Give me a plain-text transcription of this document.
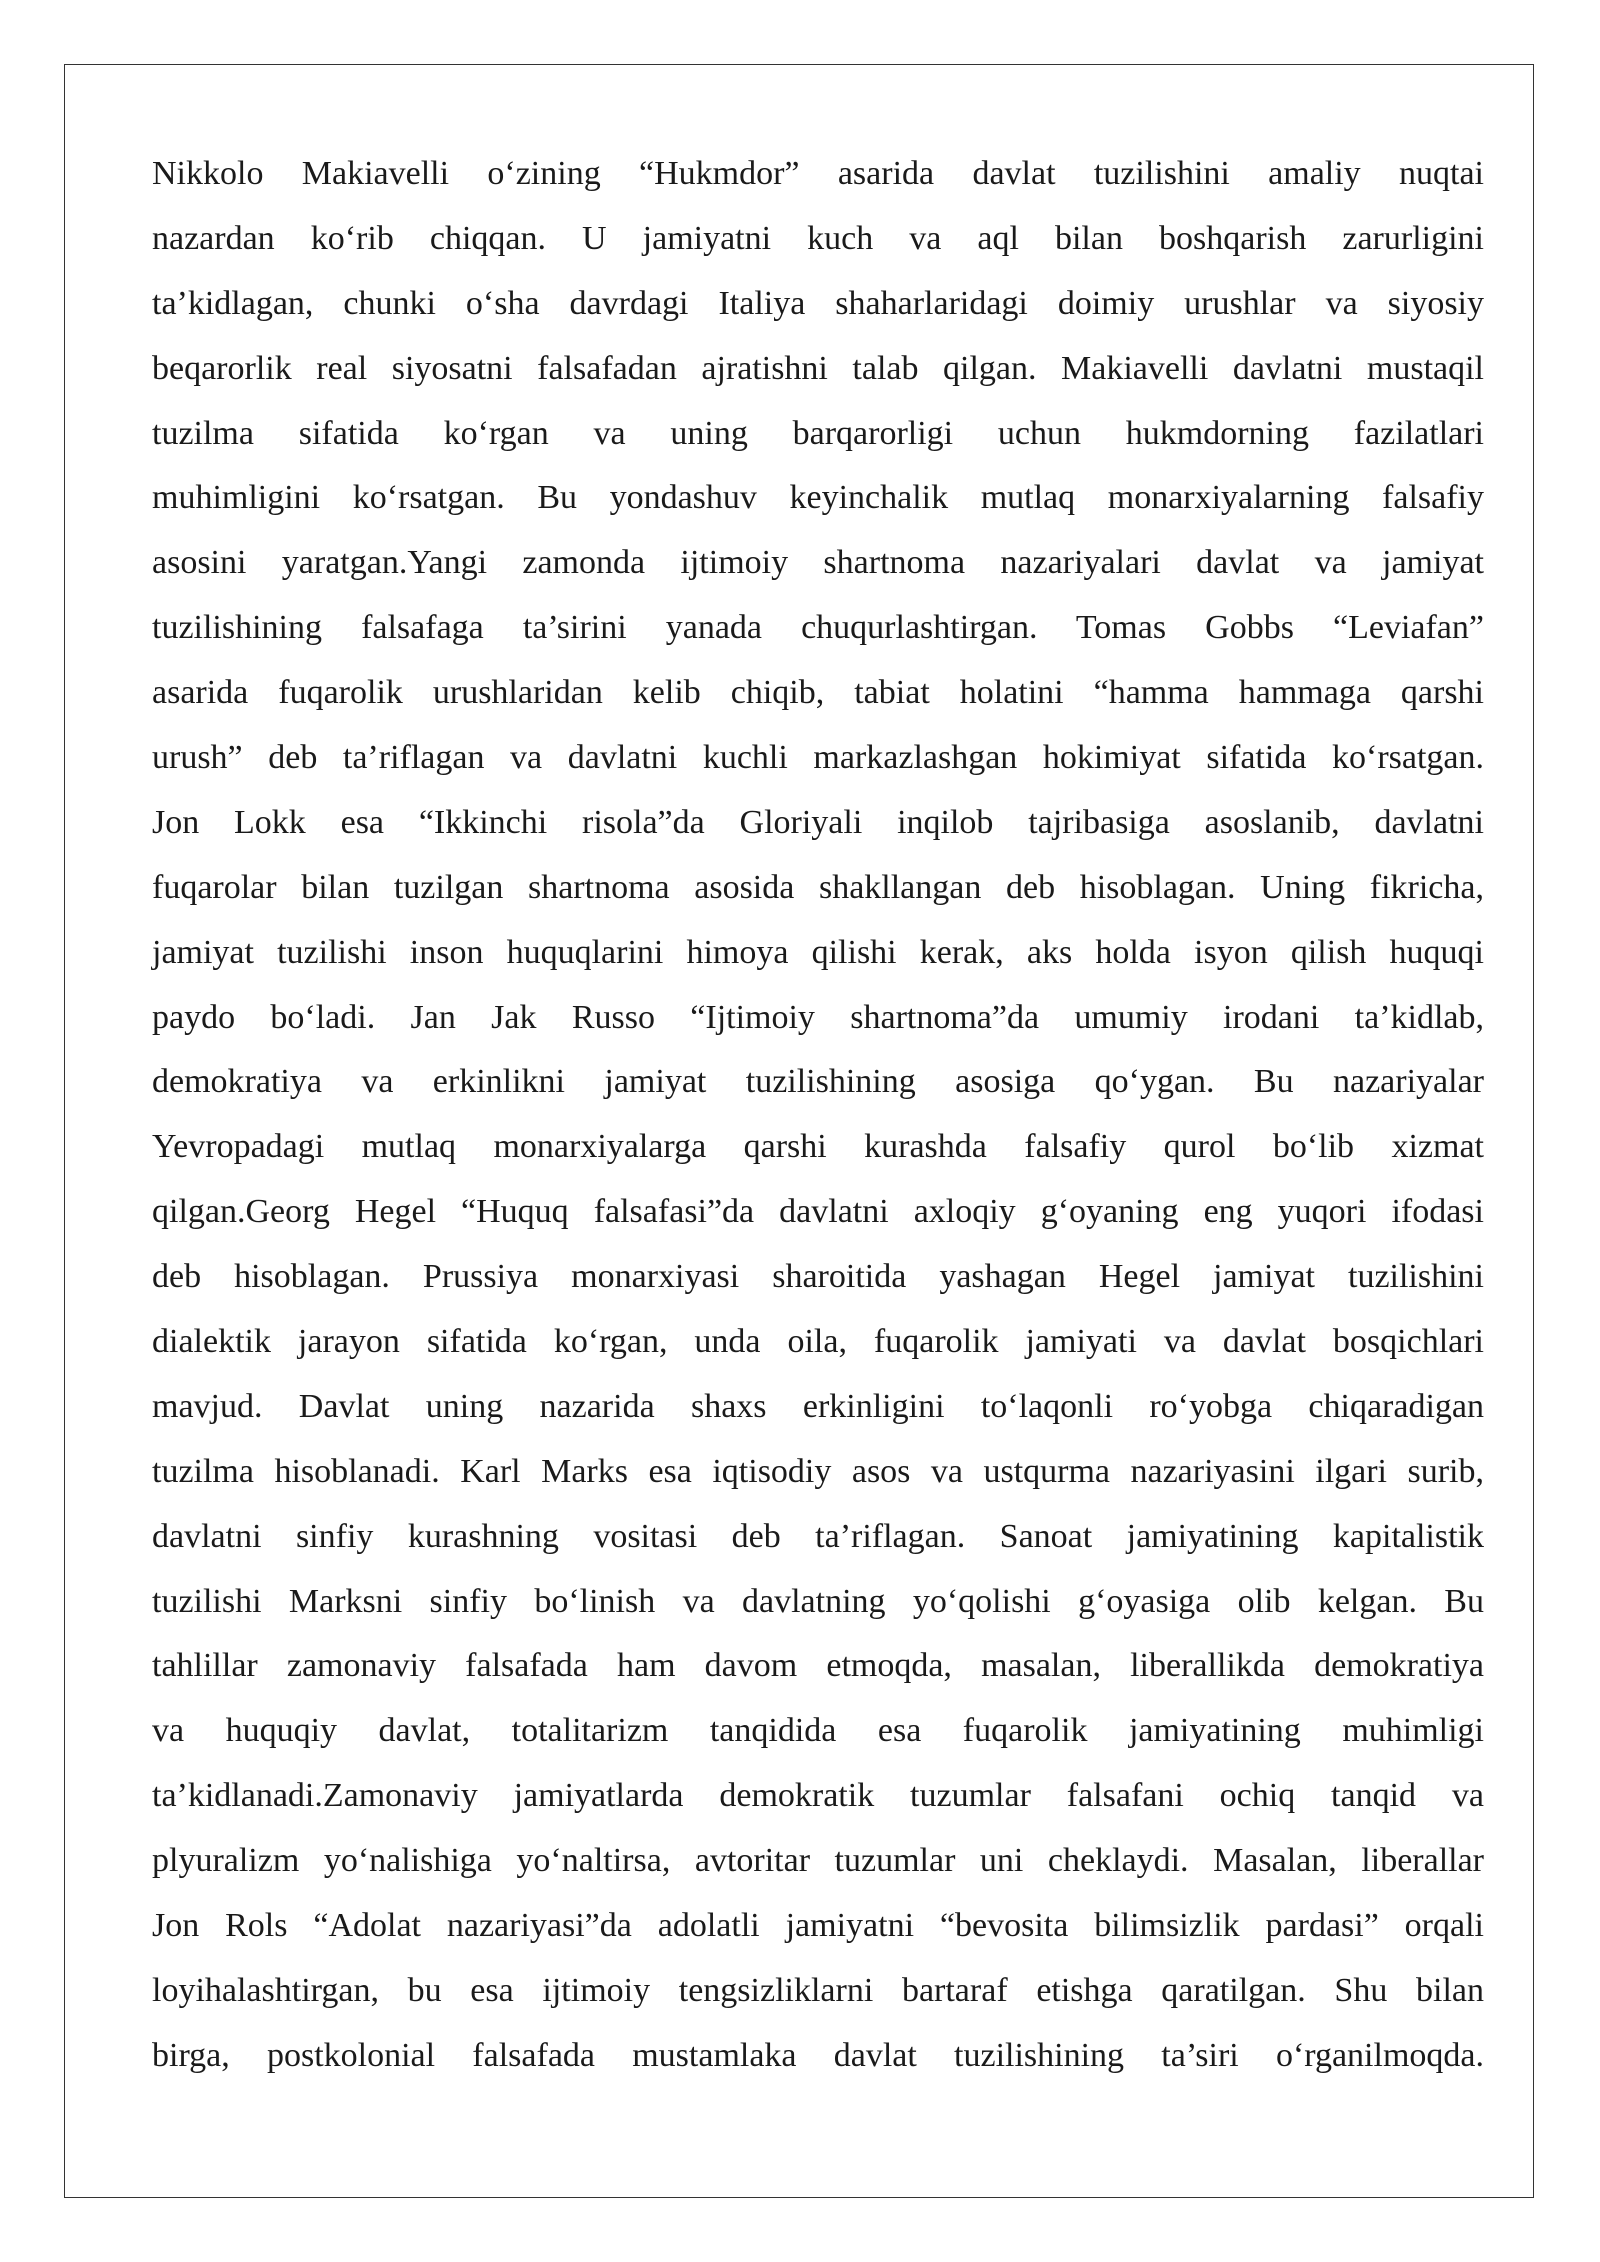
Nikkolo Makiavelli o‘zining “Hukmdor” asarida davlat tuzilishini amaliy nuqtai
nazardan ko‘rib chiqqan. U jamiyatni kuch va aql bilan boshqarish zarurligini
ta’kidlagan, chunki o‘sha davrdagi Italiya shaharlaridagi doimiy urushlar va siyosiy
beqarorlik real siyosatni falsafadan ajratishni talab qilgan. Makiavelli davlatni mustaqil
tuzilma sifatida ko‘rgan va uning barqarorligi uchun hukmdorning fazilatlari
muhimligini ko‘rsatgan. Bu yondashuv keyinchalik mutlaq monarxiyalarning falsafiy
asosini yaratgan.Yangi zamonda ijtimoiy shartnoma nazariyalari davlat va jamiyat
tuzilishining falsafaga ta’sirini yanada chuqurlashtirgan. Tomas Gobbs “Leviafan”
asarida fuqarolik urushlaridan kelib chiqib, tabiat holatini “hamma hammaga qarshi
urush” deb ta’riflagan va davlatni kuchli markazlashgan hokimiyat sifatida ko‘rsatgan.
Jon Lokk esa “Ikkinchi risola”da Gloriyali inqilob tajribasiga asoslanib, davlatni
fuqarolar bilan tuzilgan shartnoma asosida shakllangan deb hisoblagan. Uning fikricha,
jamiyat tuzilishi inson huquqlarini himoya qilishi kerak, aks holda isyon qilish huquqi
paydo bo‘ladi. Jan Jak Russo “Ijtimoiy shartnoma”da umumiy irodani ta’kidlab,
demokratiya va erkinlikni jamiyat tuzilishining asosiga qo‘ygan. Bu nazariyalar
Yevropadagi mutlaq monarxiyalarga qarshi kurashda falsafiy qurol bo‘lib xizmat
qilgan.Georg Hegel “Huquq falsafasi”da davlatni axloqiy g‘oyaning eng yuqori ifodasi
deb hisoblagan. Prussiya monarxiyasi sharoitida yashagan Hegel jamiyat tuzilishini
dialektik jarayon sifatida ko‘rgan, unda oila, fuqarolik jamiyati va davlat bosqichlari
mavjud. Davlat uning nazarida shaxs erkinligini to‘laqonli ro‘yobga chiqaradigan
tuzilma hisoblanadi. Karl Marks esa iqtisodiy asos va ustqurma nazariyasini ilgari surib,
davlatni sinfiy kurashning vositasi deb ta’riflagan. Sanoat jamiyatining kapitalistik
tuzilishi Marksni sinfiy bo‘linish va davlatning yo‘qolishi g‘oyasiga olib kelgan. Bu
tahlillar zamonaviy falsafada ham davom etmoqda, masalan, liberallikda demokratiya
va huquqiy davlat, totalitarizm tanqidida esa fuqarolik jamiyatining muhimligi
ta’kidlanadi.Zamonaviy jamiyatlarda demokratik tuzumlar falsafani ochiq tanqid va
plyuralizm yo‘nalishiga yo‘naltirsa, avtoritar tuzumlar uni cheklaydi. Masalan, liberallar
Jon Rols “Adolat nazariyasi”da adolatli jamiyatni “bevosita bilimsizlik pardasi” orqali
loyihalashtirgan, bu esa ijtimoiy tengsizliklarni bartaraf etishga qaratilgan. Shu bilan
birga, postkolonial falsafada mustamlaka davlat tuzilishining ta’siri o‘rganilmoqda.
